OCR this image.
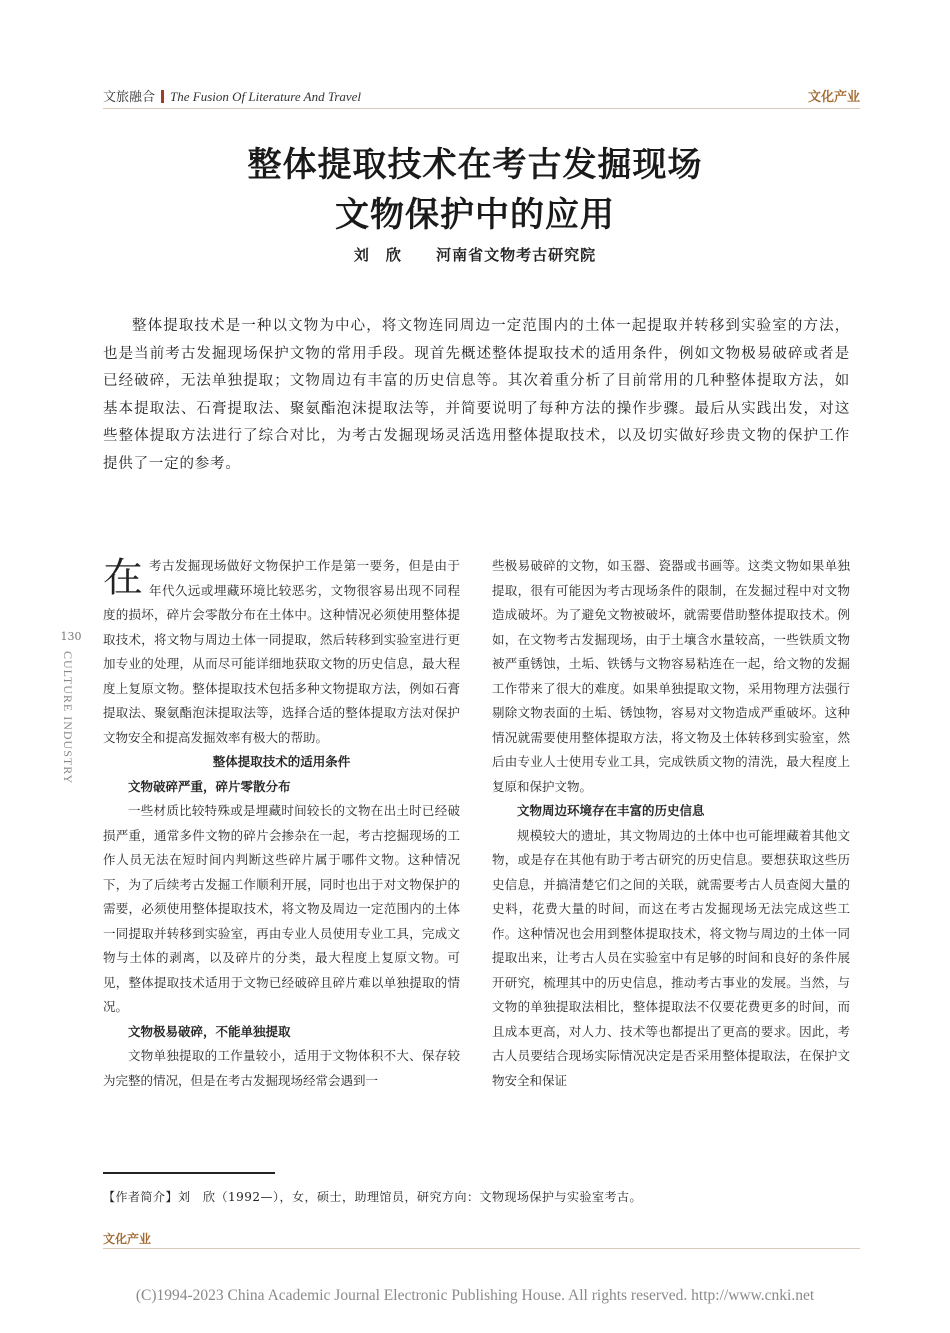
文旅融合 The Fusion Of Literature And Travel	文化产业
整体提取技术在考古发掘现场
文物保护中的应用
刘　欣 河南省文物考古研究院
整体提取技术是一种以文物为中心，将文物连同周边一定范围内的土体一起提取并转移到实验室的方法，也是当前考古发掘现场保护文物的常用手段。现首先概述整体提取技术的适用条件，例如文物极易破碎或者是已经破碎，无法单独提取；文物周边有丰富的历史信息等。其次着重分析了目前常用的几种整体提取方法，如基本提取法、石膏提取法、聚氨酯泡沫提取法等，并简要说明了每种方法的操作步骤。最后从实践出发，对这些整体提取方法进行了综合对比，为考古发掘现场灵活选用整体提取技术，以及切实做好珍贵文物的保护工作提供了一定的参考。
130
CULTURE INDUSTRY

在考古发掘现场做好文物保护工作是第一要务，但是由于年代久远或埋藏环境比较恶劣，文物很容易出现不同程度的损坏，碎片会零散分布在土体中。这种情况必须使用整体提取技术，将文物与周边土体一同提取，然后转移到实验室进行更加专业的处理，从而尽可能详细地获取文物的历史信息，最大程度上复原文物。整体提取技术包括多种文物提取方法，例如石膏提取法、聚氨酯泡沫提取法等，选择合适的整体提取方法对保护文物安全和提高发掘效率有极大的帮助。

整体提取技术的适用条件
文物破碎严重，碎片零散分布

一些材质比较特殊或是埋藏时间较长的文物在出土时已经破损严重，通常多件文物的碎片会掺杂在一起，考古挖掘现场的工作人员无法在短时间内判断这些碎片属于哪件文物。这种情况下，为了后续考古发掘工作顺利开展，同时也出于对文物保护的需要，必须使用整体提取技术，将文物及周边一定范围内的土体一同提取并转移到实验室，再由专业人员使用专业工具，完成文物与土体的剥离，以及碎片的分类，最大程度上复原文物。可见，整体提取技术适用于文物已经破碎且碎片难以单独提取的情况。

文物极易破碎，不能单独提取

文物单独提取的工作量较小，适用于文物体积不大、保存较为完整的情况，但是在考古发掘现场经常会遇到一

些极易破碎的文物，如玉器、瓷器或书画等。这类文物如果单独提取，很有可能因为考古现场条件的限制，在发掘过程中对文物造成破坏。为了避免文物被破坏，就需要借助整体提取技术。例如，在文物考古发掘现场，由于土壤含水量较高，一些铁质文物被严重锈蚀，土垢、铁锈与文物容易粘连在一起，给文物的发掘工作带来了很大的难度。如果单独提取文物，采用物理方法强行剔除文物表面的土垢、锈蚀物，容易对文物造成严重破坏。这种情况就需要使用整体提取方法，将文物及土体转移到实验室，然后由专业人士使用专业工具，完成铁质文物的清洗，最大程度上复原和保护文物。

文物周边环境存在丰富的历史信息

规模较大的遗址，其文物周边的土体中也可能埋藏着其他文物，或是存在其他有助于考古研究的历史信息。要想获取这些历史信息，并搞清楚它们之间的关联，就需要考古人员查阅大量的史料，花费大量的时间，而这在考古发掘现场无法完成这些工作。这种情况也会用到整体提取技术，将文物与周边的土体一同提取出来，让考古人员在实验室中有足够的时间和良好的条件展开研究，梳理其中的历史信息，推动考古事业的发展。当然，与文物的单独提取法相比，整体提取法不仅要花费更多的时间，而且成本更高，对人力、技术等也都提出了更高的要求。因此，考古人员要结合现场实际情况决定是否采用整体提取法，在保护文物安全和保证

【作者简介】刘　欣（1992—），女，硕士，助理馆员，研究方向：文物现场保护与实验室考古。
文化产业
(C)1994-2023 China Academic Journal Electronic Publishing House. All rights reserved. http://www.cnki.net
